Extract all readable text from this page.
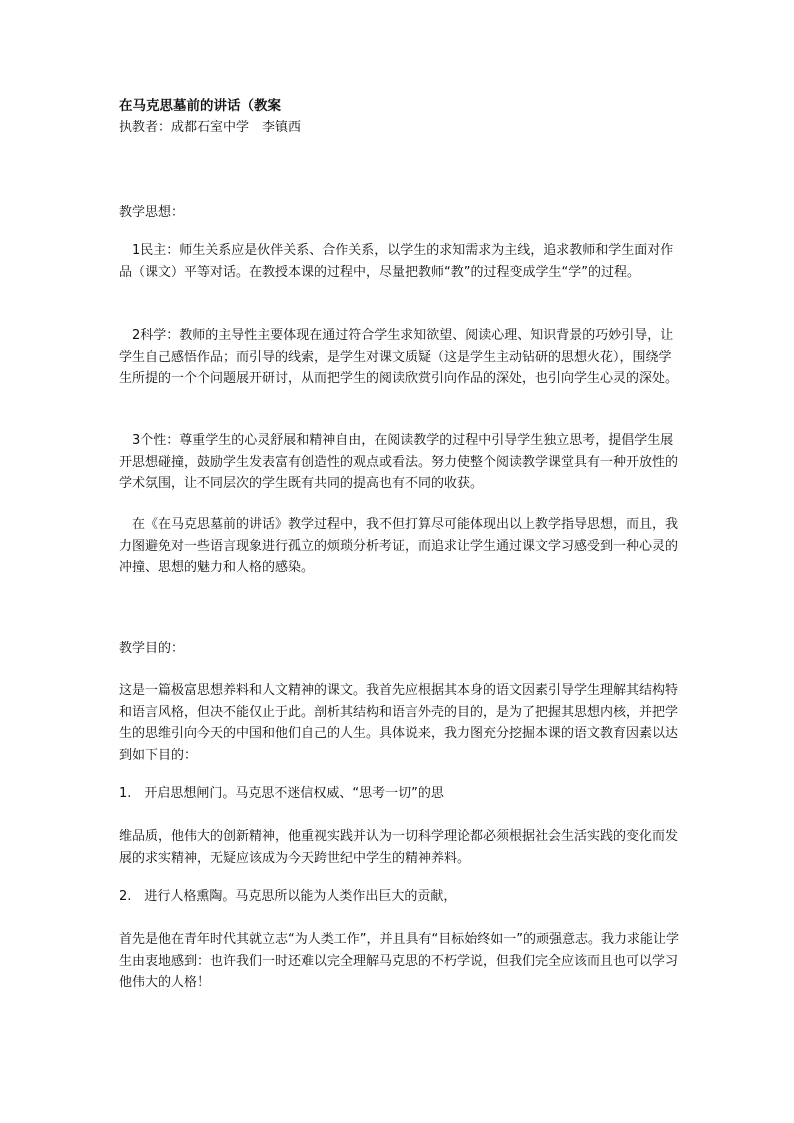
在马克思墓前的讲话（教案

执教者：成都石室中学　李镇西

教学思想：

1民主：师生关系应是伙伴关系、合作关系，以学生的求知需求为主线，追求教师和学生面对作品（课文）平等对话。在教授本课的过程中，尽量把教师“教”的过程变成学生“学”的过程。

2科学：教师的主导性主要体现在通过符合学生求知欲望、阅读心理、知识背景的巧妙引导，让学生自己感悟作品；而引导的线索，是学生对课文质疑（这是学生主动钻研的思想火花），围绕学生所提的一个个问题展开研讨，从而把学生的阅读欣赏引向作品的深处，也引向学生心灵的深处。

3个性：尊重学生的心灵舒展和精神自由，在阅读教学的过程中引导学生独立思考，提倡学生展开思想碰撞，鼓励学生发表富有创造性的观点或看法。努力使整个阅读教学课堂具有一种开放性的学术氛围，让不同层次的学生既有共同的提高也有不同的收获。

在《在马克思墓前的讲话》教学过程中，我不但打算尽可能体现出以上教学指导思想，而且，我力图避免对一些语言现象进行孤立的烦琐分析考证，而追求让学生通过课文学习感受到一种心灵的冲撞、思想的魅力和人格的感染。

教学目的：

这是一篇极富思想养料和人文精神的课文。我首先应根据其本身的语文因素引导学生理解其结构特和语言风格，但决不能仅止于此。剖析其结构和语言外壳的目的，是为了把握其思想内核，并把学生的思维引向今天的中国和他们自己的人生。具体说来，我力图充分挖掘本课的语文教育因素以达到如下目的：

1.　开启思想闸门。马克思不迷信权威、“思考一切”的思

维品质，他伟大的创新精神，他重视实践并认为一切科学理论都必须根据社会生活实践的变化而发展的求实精神，无疑应该成为今天跨世纪中学生的精神养料。

2.　进行人格熏陶。马克思所以能为人类作出巨大的贡献，

首先是他在青年时代其就立志“为人类工作”，并且具有“目标始终如一”的顽强意志。我力求能让学生由衷地感到：也许我们一时还难以完全理解马克思的不朽学说，但我们完全应该而且也可以学习他伟大的人格！
